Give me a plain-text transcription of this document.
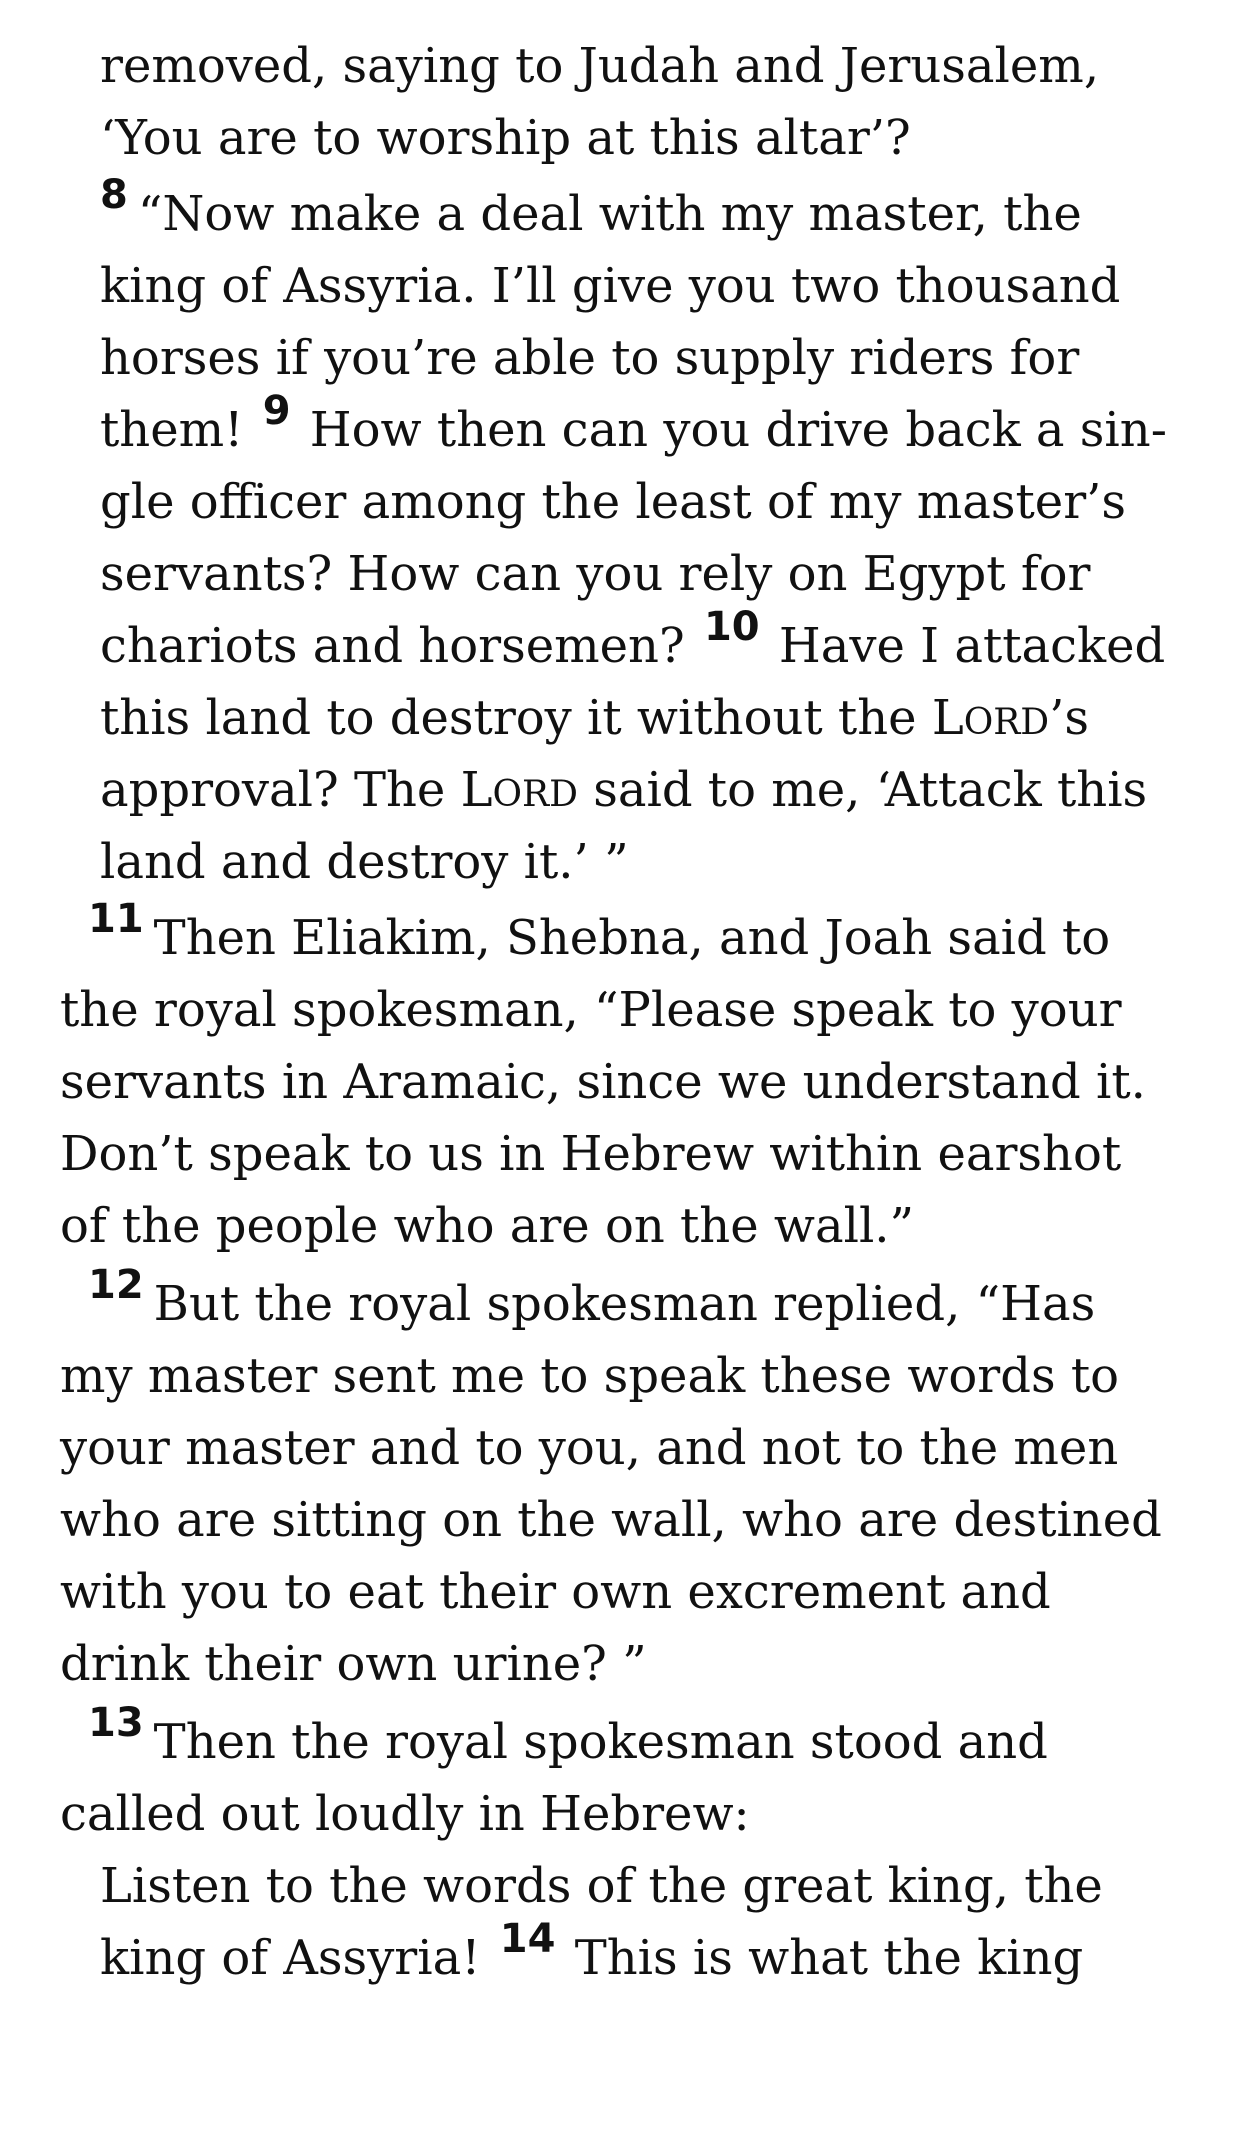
removed, saying to Judah and Jerusalem,
‘You are to worship at this altar’?
$^8$ “Now make a deal with my master, the
king of Assyria. I’ll give you two thousand
horses if you’re able to supply riders for
them! $^9$ How then can you drive back a sin-
gle officer among the least of my master’s
servants? How can you rely on Egypt for
chariots and horsemen? $^{10}$ Have I attacked
this land to destroy it without the LORD’s
approval? The LORD said to me, ‘Attack this
land and destroy it.’ ”
$^{11}$ Then Eliakim, Shebna, and Joah said to
the royal spokesman, “Please speak to your
servants in Aramaic, since we understand it.
Don’t speak to us in Hebrew within earshot
of the people who are on the wall.”
$^{12}$ But the royal spokesman replied, “Has
my master sent me to speak these words to
your master and to you, and not to the men
who are sitting on the wall, who are destined
with you to eat their own excrement and
drink their own urine? ”
$^{13}$ Then the royal spokesman stood and
called out loudly in Hebrew:
Listen to the words of the great king, the
king of Assyria! $^{14}$ This is what the king
